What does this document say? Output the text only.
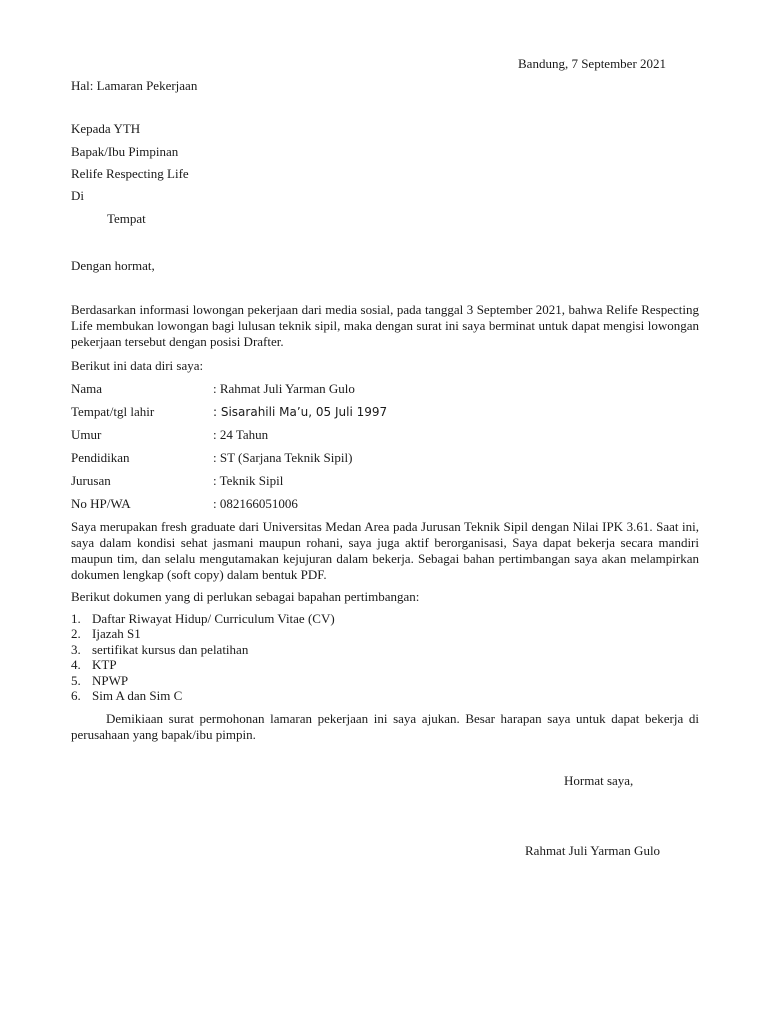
Bandung, 7 September 2021
Hal: Lamaran Pekerjaan
Kepada YTH
Bapak/Ibu Pimpinan
Relife Respecting Life
Di
Tempat
Dengan hormat,
Berdasarkan informasi lowongan pekerjaan dari media sosial, pada tanggal 3 September 2021, bahwa Relife Respecting Life membukan lowongan bagi lulusan teknik sipil, maka dengan surat ini saya berminat untuk dapat mengisi lowongan pekerjaan tersebut dengan posisi Drafter.
Berikut ini data diri saya:
Nama	: Rahmat Juli Yarman Gulo
Tempat/tgl lahir	: Sisarahili Ma’u, 05 Juli 1997
Umur	: 24 Tahun
Pendidikan	: ST (Sarjana Teknik Sipil)
Jurusan	: Teknik Sipil
No HP/WA	: 082166051006
Saya merupakan fresh graduate dari Universitas Medan Area pada Jurusan Teknik Sipil dengan Nilai IPK 3.61. Saat ini, saya dalam kondisi sehat jasmani maupun rohani, saya juga aktif berorganisasi, Saya dapat bekerja secara mandiri maupun tim, dan selalu mengutamakan kejujuran dalam bekerja. Sebagai bahan pertimbangan saya akan melampirkan dokumen lengkap (soft copy) dalam bentuk PDF.
Berikut dokumen yang di perlukan sebagai bapahan pertimbangan:
1. Daftar Riwayat Hidup/ Curriculum Vitae (CV)
2. Ijazah S1
3. sertifikat kursus dan pelatihan
4. KTP
5. NPWP
6. Sim A dan Sim C
Demikiaan surat permohonan lamaran pekerjaan ini saya ajukan. Besar harapan saya untuk dapat bekerja di perusahaan yang bapak/ibu pimpin.
Hormat saya,
Rahmat Juli Yarman Gulo
